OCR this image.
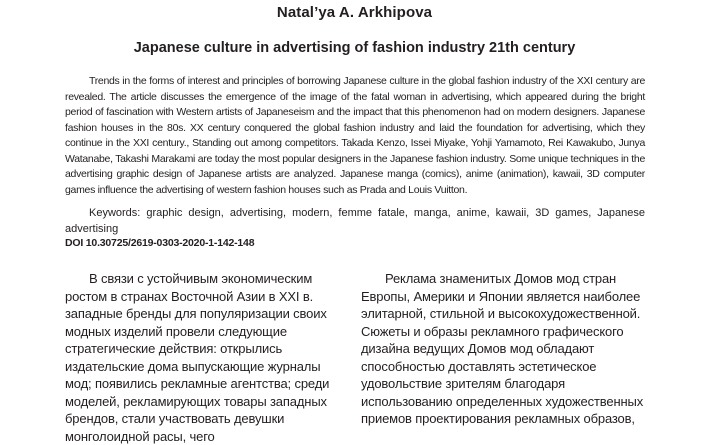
Natal’ya A. Arkhipova
Japanese culture in advertising of fashion industry 21th century
Trends in the forms of interest and principles of borrowing Japanese culture in the global fashion industry of the XXI century are revealed. The article discusses the emergence of the image of the fatal woman in advertising, which appeared during the bright period of fascination with Western artists of Japaneseism and the impact that this phenomenon had on modern designers. Japanese fashion houses in the 80s. XX century conquered the global fashion industry and laid the foundation for advertising, which they continue in the XXI century., Standing out among competitors. Takada Kenzo, Issei Miyake, Yohji Yamamoto, Rei Kawakubo, Junya Watanabe, Takashi Marakami are today the most popular designers in the Japanese fashion industry. Some unique techniques in the advertising graphic design of Japanese artists are analyzed. Japanese manga (comics), anime (animation), kawaii, 3D computer games influence the advertising of western fashion houses such as Prada and Louis Vuitton.
Keywords: graphic design, advertising, modern, femme fatale, manga, anime, kawaii, 3D games, Japanese advertising
DOI 10.30725/2619-0303-2020-1-142-148
В связи с устойчивым экономическим ростом в странах Восточной Азии в XXI в. западные бренды для популяризации своих модных изделий провели следующие стратегические действия: открылись издательские дома выпускающие журналы мод; появились рекламные агентства; среди моделей, рекламирующих товары западных брендов, стали участвовать девушки монголоидной расы, чего
Реклама знаменитых Домов мод стран Европы, Америки и Японии является наиболее элитарной, стильной и высокохудожественной. Сюжеты и образы рекламного графического дизайна ведущих Домов мод обладают способностью доставлять эстетическое удовольствие зрителям благодаря использованию определенных художественных приемов проектирования рекламных образов,
